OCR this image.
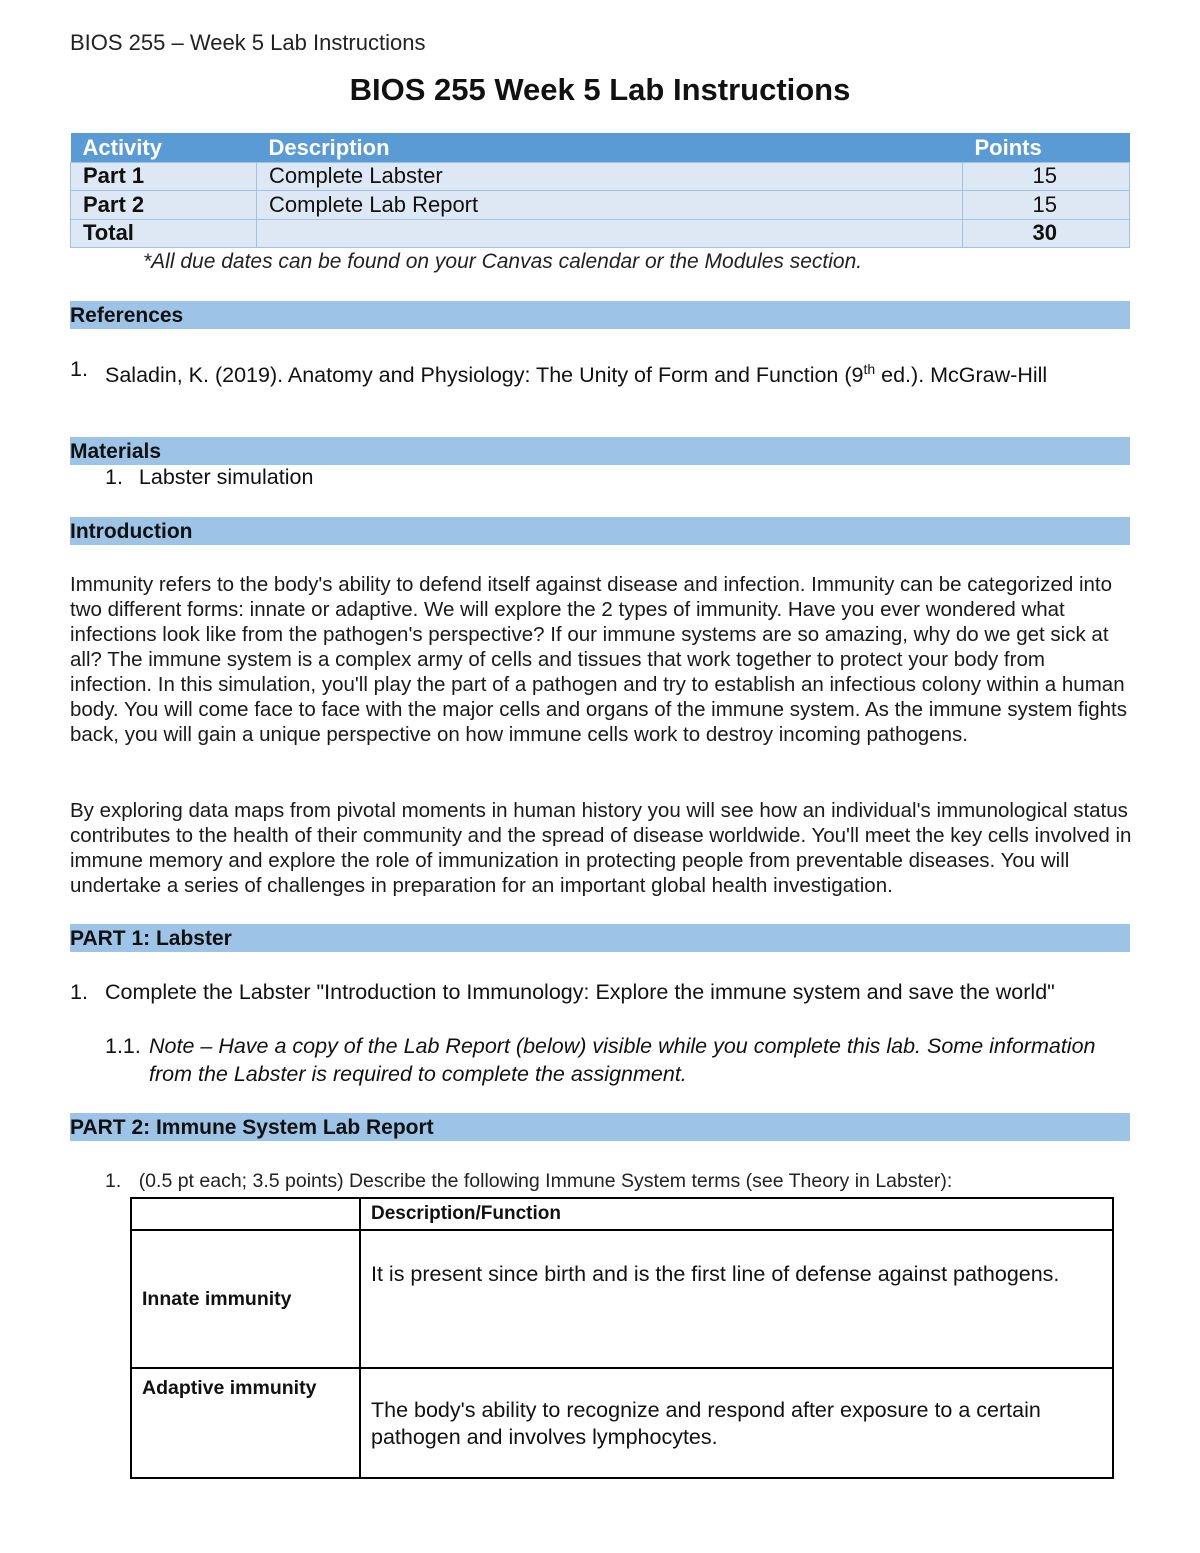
BIOS 255 – Week 5 Lab Instructions
BIOS 255 Week 5 Lab Instructions
Activity	Description	Points
Part 1	Complete Labster	15
Part 2	Complete Lab Report	15
Total		30
*All due dates can be found on your Canvas calendar or the Modules section.
References
1. Saladin, K. (2019). Anatomy and Physiology: The Unity of Form and Function (9th ed.). McGraw-Hill
Materials
1. Labster simulation
Introduction
Immunity refers to the body's ability to defend itself against disease and infection. Immunity can be categorized into two different forms: innate or adaptive. We will explore the 2 types of immunity. Have you ever wondered what infections look like from the pathogen's perspective? If our immune systems are so amazing, why do we get sick at all? The immune system is a complex army of cells and tissues that work together to protect your body from infection. In this simulation, you'll play the part of a pathogen and try to establish an infectious colony within a human body. You will come face to face with the major cells and organs of the immune system. As the immune system fights back, you will gain a unique perspective on how immune cells work to destroy incoming pathogens.
By exploring data maps from pivotal moments in human history you will see how an individual's immunological status contributes to the health of their community and the spread of disease worldwide. You'll meet the key cells involved in immune memory and explore the role of immunization in protecting people from preventable diseases. You will undertake a series of challenges in preparation for an important global health investigation.
PART 1: Labster
1. Complete the Labster "Introduction to Immunology: Explore the immune system and save the world"
1.1. Note – Have a copy of the Lab Report (below) visible while you complete this lab. Some information from the Labster is required to complete the assignment.
PART 2: Immune System Lab Report
1. (0.5 pt each; 3.5 points) Describe the following Immune System terms (see Theory in Labster):
	Description/Function
Innate immunity	It is present since birth and is the first line of defense against pathogens.

Adaptive immunity	The body's ability to recognize and respond after exposure to a certain pathogen and involves lymphocytes.
